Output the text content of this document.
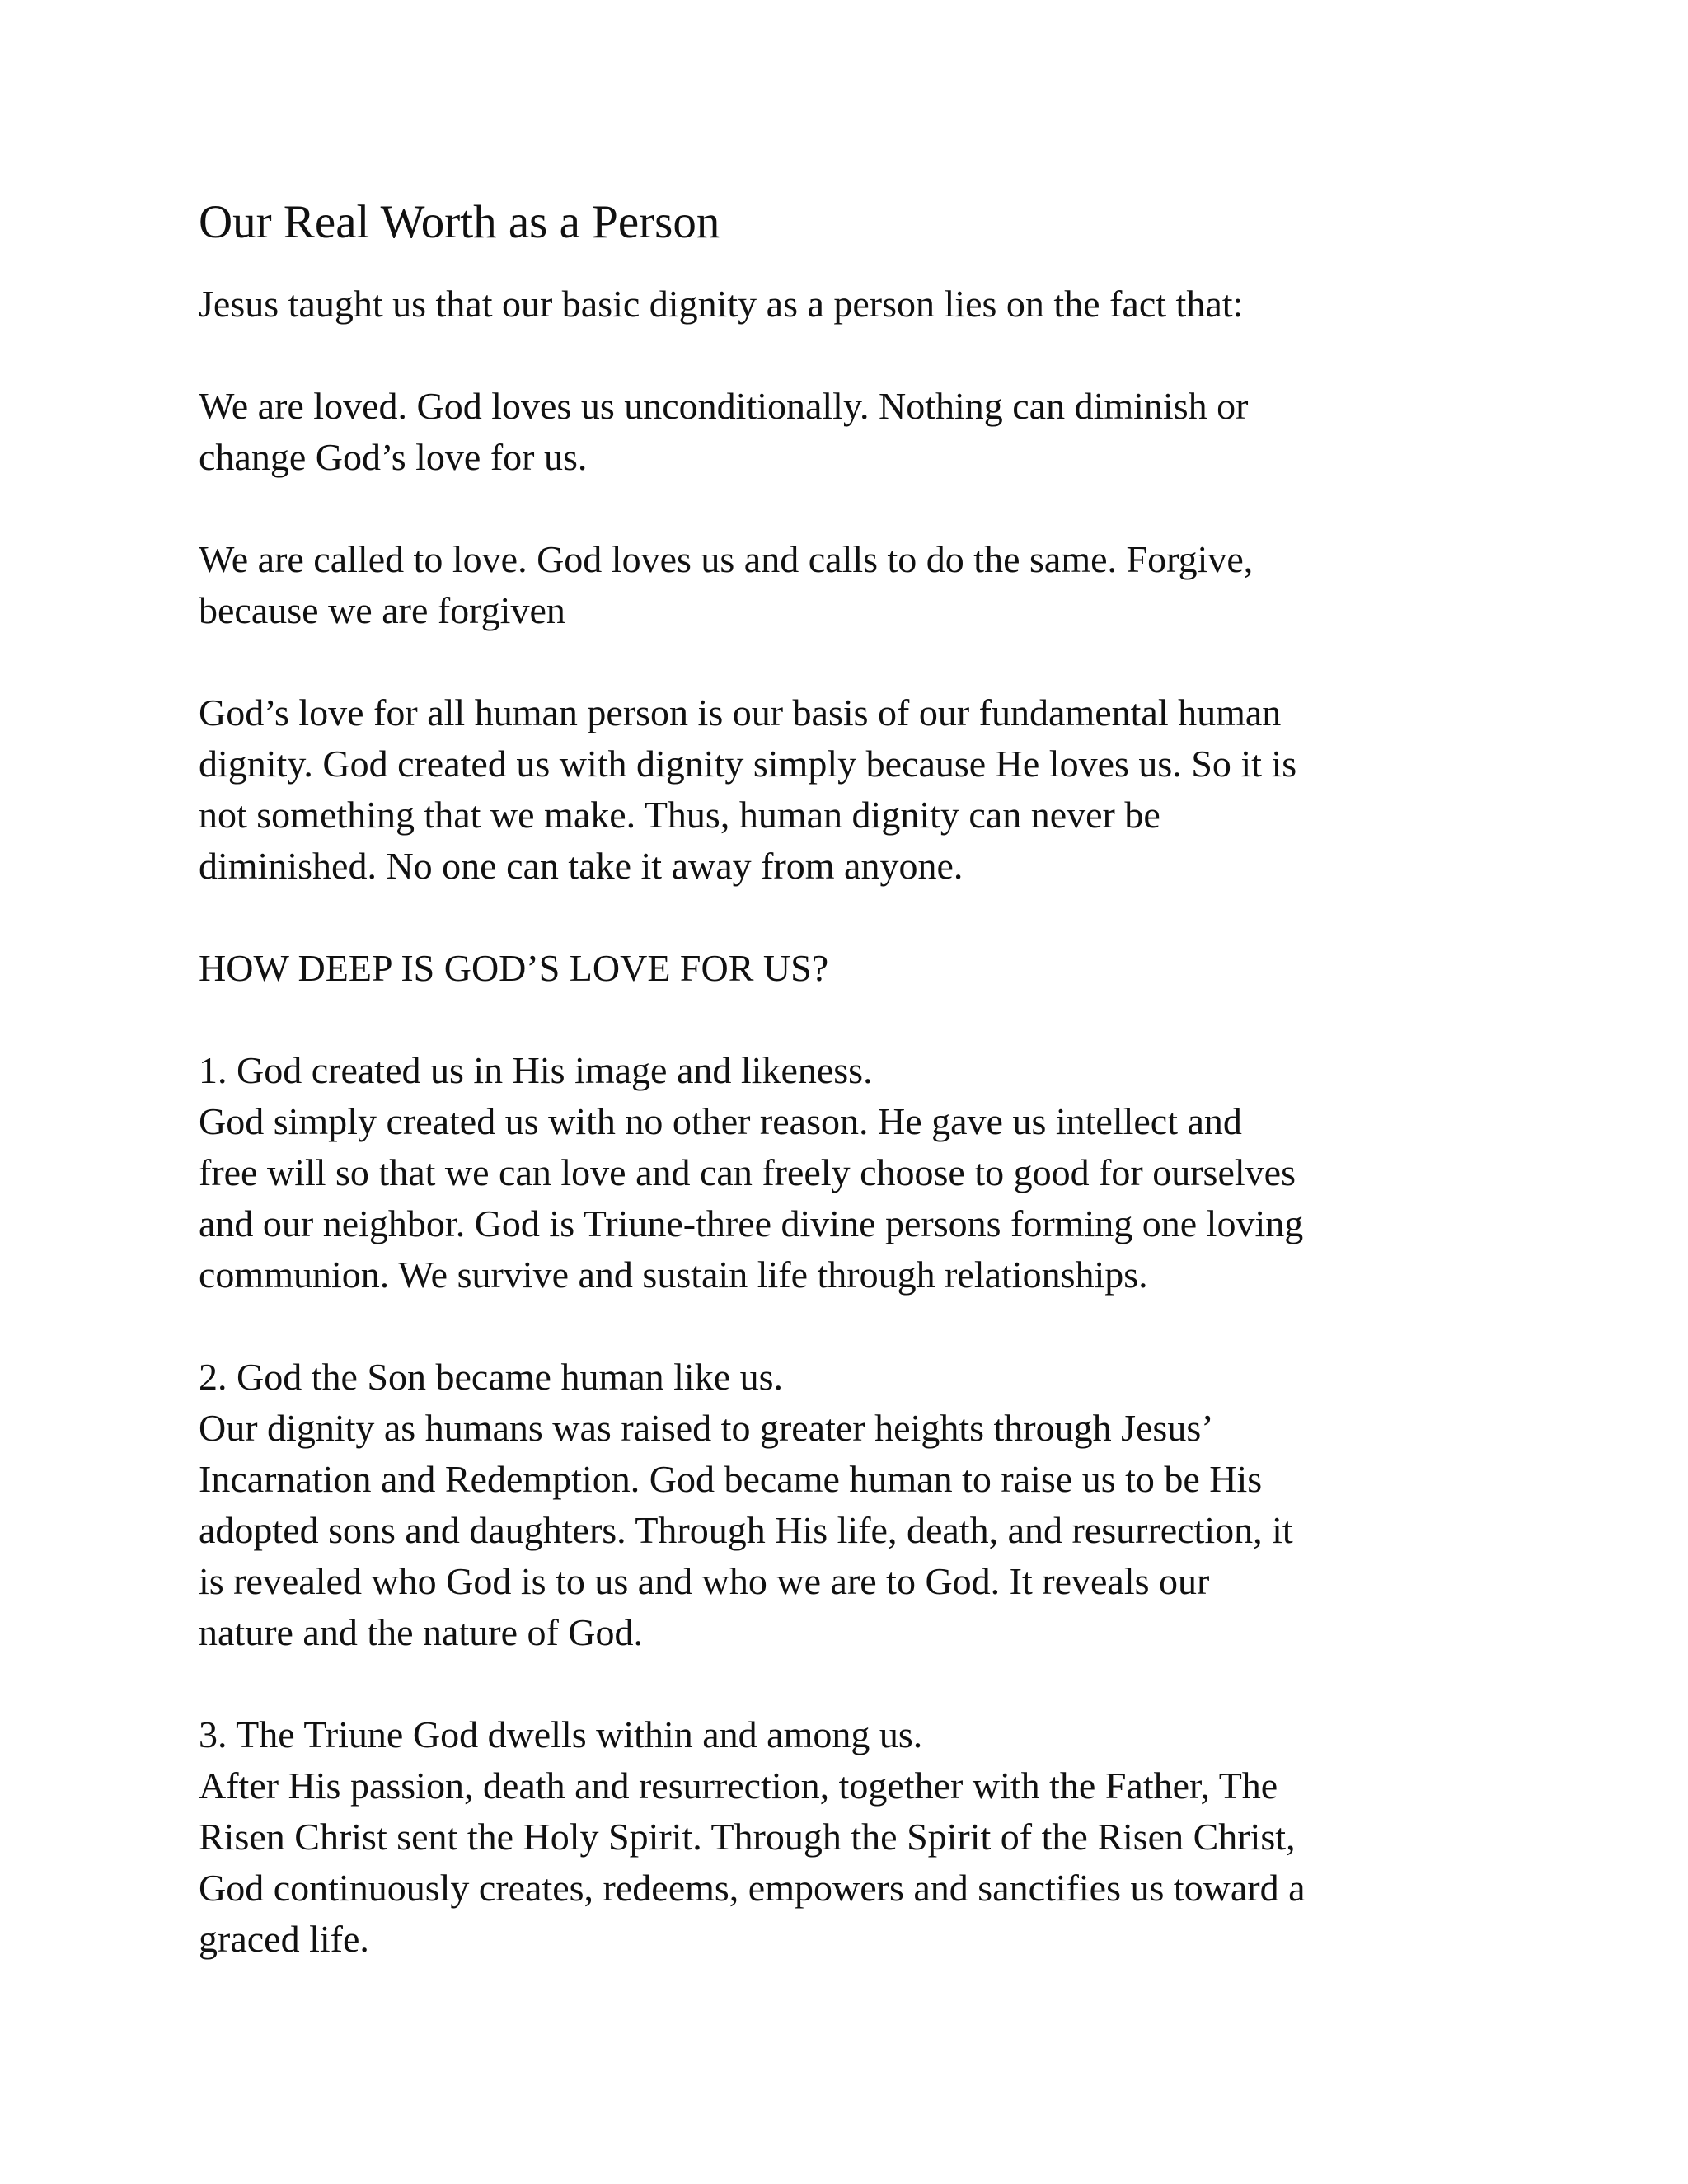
Our Real Worth as a Person

Jesus taught us that our basic dignity as a person lies on the fact that:

We are loved. God loves us unconditionally. Nothing can diminish or
change God’s love for us.

We are called to love. God loves us and calls to do the same. Forgive,
because we are forgiven

God’s love for all human person is our basis of our fundamental human
dignity. God created us with dignity simply because He loves us. So it is
not something that we make. Thus, human dignity can never be
diminished. No one can take it away from anyone.

HOW DEEP IS GOD’S LOVE FOR US?

1. God created us in His image and likeness.
God simply created us with no other reason. He gave us intellect and
free will so that we can love and can freely choose to good for ourselves
and our neighbor. God is Triune-three divine persons forming one loving
communion. We survive and sustain life through relationships.

2. God the Son became human like us.
Our dignity as humans was raised to greater heights through Jesus’
Incarnation and Redemption. God became human to raise us to be His
adopted sons and daughters. Through His life, death, and resurrection, it
is revealed who God is to us and who we are to God. It reveals our
nature and the nature of God.

3. The Triune God dwells within and among us.
After His passion, death and resurrection, together with the Father, The
Risen Christ sent the Holy Spirit. Through the Spirit of the Risen Christ,
God continuously creates, redeems, empowers and sanctifies us toward a
graced life.
